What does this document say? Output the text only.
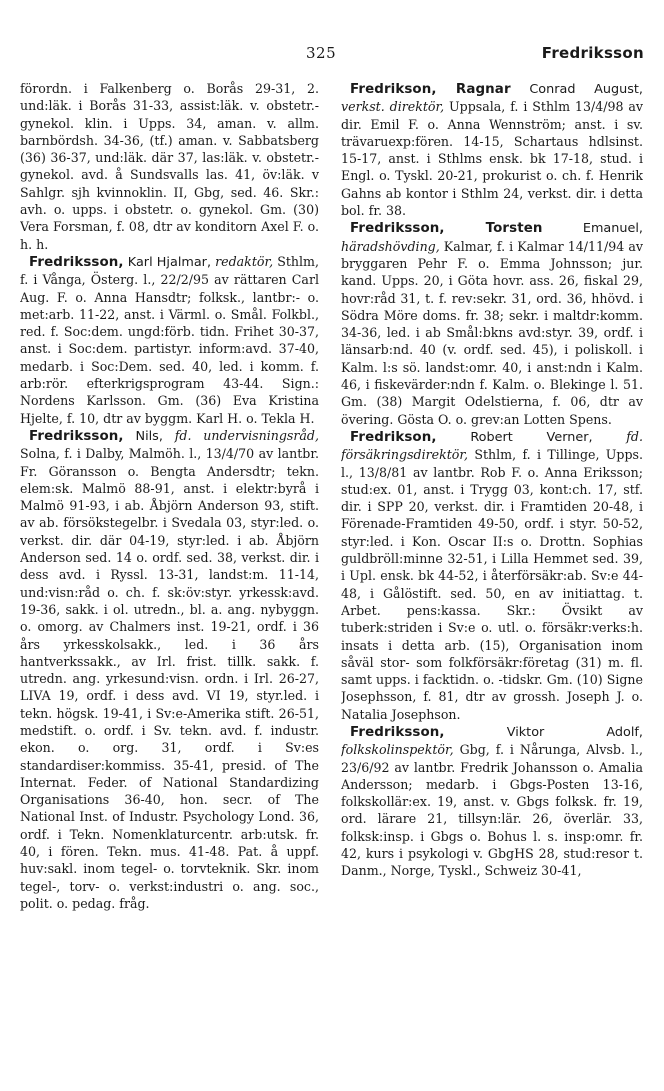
325	Fredriksson

förordn. i Falkenberg o. Borås 29-31, 2. und:läk. i Borås 31-33, assist:läk. v. obstetr.-gynekol. klin. i Upps. 34, aman. v. allm. barnbördsh. 34-36, (tf.) aman. v. Sabbatsberg (36) 36-37, und:läk. där 37, las:läk. v. obstetr.-gynekol. avd. å Sundsvalls las. 41, öv:läk. v Sahlgr. sjh kvinnoklin. II, Gbg, sed. 46. Skr.: avh. o. upps. i obstetr. o. gynekol. Gm. (30) Vera Forsman, f. 08, dtr av konditorn Axel F. o. h. h.

Fredriksson, Karl Hjalmar, redaktör, Sthlm, f. i Vånga, Österg. l., 22/2/95 av rättaren Carl Aug. F. o. Anna Hansdtr; folksk., lantbr:- o. met:arb. 11-22, anst. i Värml. o. Smål. Folkbl., red. f. Soc:dem. ungd:förb. tidn. Frihet 30-37, anst. i Soc:dem. partistyr. inform:avd. 37-40, medarb. i Soc:Dem. sed. 40, led. i komm. f. arb:rör. efterkrigsprogram 43-44. Sign.: Nordens Karlsson. Gm. (36) Eva Kristina Hjelte, f. 10, dtr av byggm. Karl H. o. Tekla H.

Fredriksson, Nils, fd. undervisningsråd, Solna, f. i Dalby, Malmöh. l., 13/4/70 av lantbr. Fr. Göransson o. Bengta Andersdtr; tekn. elem:sk. Malmö 88-91, anst. i elektr:byrå i Malmö 91-93, i ab. Åbjörn Anderson 93, stift. av ab. försökstegelbr. i Svedala 03, styr:led. o. verkst. dir. där 04-19, styr:led. i ab. Åbjörn Anderson sed. 14 o. ordf. sed. 38, verkst. dir. i dess avd. i Ryssl. 13-31, landst:m. 11-14, und:visn:råd o. ch. f. sk:öv:styr. yrkessk:avd. 19-36, sakk. i ol. utredn., bl. a. ang. nybyggn. o. omorg. av Chalmers inst. 19-21, ordf. i 36 års yrkesskolsakk., led. i 36 års hantverkssakk., av Irl. frist. tillk. sakk. f. utredn. ang. yrkesund:visn. ordn. i Irl. 26-27, LIVA 19, ordf. i dess avd. VI 19, styr.led. i tekn. högsk. 19-41, i Sv:e-Amerika stift. 26-51, medstift. o. ordf. i Sv. tekn. avd. f. industr. ekon. o. org. 31, ordf. i Sv:es standardiser:kommiss. 35-41, presid. of The Internat. Feder. of National Standardizing Organisations 36-40, hon. secr. of The National Inst. of Industr. Psychology Lond. 36, ordf. i Tekn. Nomenklaturcentr. arb:utsk. fr. 40, i fören. Tekn. mus. 41-48. Pat. å uppf. huv:sakl. inom tegel- o. torvteknik. Skr. inom tegel-, torv- o. verkst:industri o. ang. soc., polit. o. pedag. fråg.

Fredrikson, Ragnar Conrad August, verkst. direktör, Uppsala, f. i Sthlm 13/4/98 av dir. Emil F. o. Anna Wennström; anst. i sv. trävaruexp:fören. 14-15, Schartaus hdlsinst. 15-17, anst. i Sthlms ensk. bk 17-18, stud. i Engl. o. Tyskl. 20-21, prokurist o. ch. f. Henrik Gahns ab kontor i Sthlm 24, verkst. dir. i detta bol. fr. 38.

Fredriksson, Torsten Emanuel, häradshövding, Kalmar, f. i Kalmar 14/11/94 av bryggaren Pehr F. o. Emma Johnsson; jur. kand. Upps. 20, i Göta hovr. ass. 26, fiskal 29, hovr:råd 31, t. f. rev:sekr. 31, ord. 36, hhövd. i Södra Möre doms. fr. 38; sekr. i maltdr:komm. 34-36, led. i ab Smål:bkns avd:styr. 39, ordf. i länsarb:nd. 40 (v. ordf. sed. 45), i poliskoll. i Kalm. l:s sö. landst:omr. 40, i anst:ndn i Kalm. 46, i fiskevärder:ndn f. Kalm. o. Blekinge l. 51. Gm. (38) Margit Odelstierna, f. 06, dtr av övering. Gösta O. o. grev:an Lotten Spens.

Fredrikson, Robert Verner, fd. försäkringsdirektör, Sthlm, f. i Tillinge, Upps. l., 13/8/81 av lantbr. Rob F. o. Anna Eriksson; stud:ex. 01, anst. i Trygg 03, kont:ch. 17, stf. dir. i SPP 20, verkst. dir. i Framtiden 20-48, i Förenade-Framtiden 49-50, ordf. i styr. 50-52, styr:led. i Kon. Oscar II:s o. Drottn. Sophias guldbröll:minne 32-51, i Lilla Hemmet sed. 39, i Upl. ensk. bk 44-52, i återförsäkr:ab. Sv:e 44-48, i Gålöstift. sed. 50, en av initiattag. t. Arbet. pens:kassa. Skr.: Övsikt av tuberk:striden i Sv:e o. utl. o. försäkr:verks:h. insats i detta arb. (15), Organisation inom såväl stor- som folkförsäkr:företag (31) m. fl. samt upps. i facktidn. o. -tidskr. Gm. (10) Signe Josephsson, f. 81, dtr av grossh. Joseph J. o. Natalia Josephson.

Fredriksson, Viktor Adolf, folkskolinspektör, Gbg, f. i Nårunga, Alvsb. l., 23/6/92 av lantbr. Fredrik Johansson o. Amalia Andersson; medarb. i Gbgs-Posten 13-16, folkskollär:ex. 19, anst. v. Gbgs folksk. fr. 19, ord. lärare 21, tillsyn:lär. 26, överlär. 33, folksk:insp. i Gbgs o. Bohus l. s. insp:omr. fr. 42, kurs i psykologi v. GbgHS 28, stud:resor t. Danm., Norge, Tyskl., Schweiz 30-41,
